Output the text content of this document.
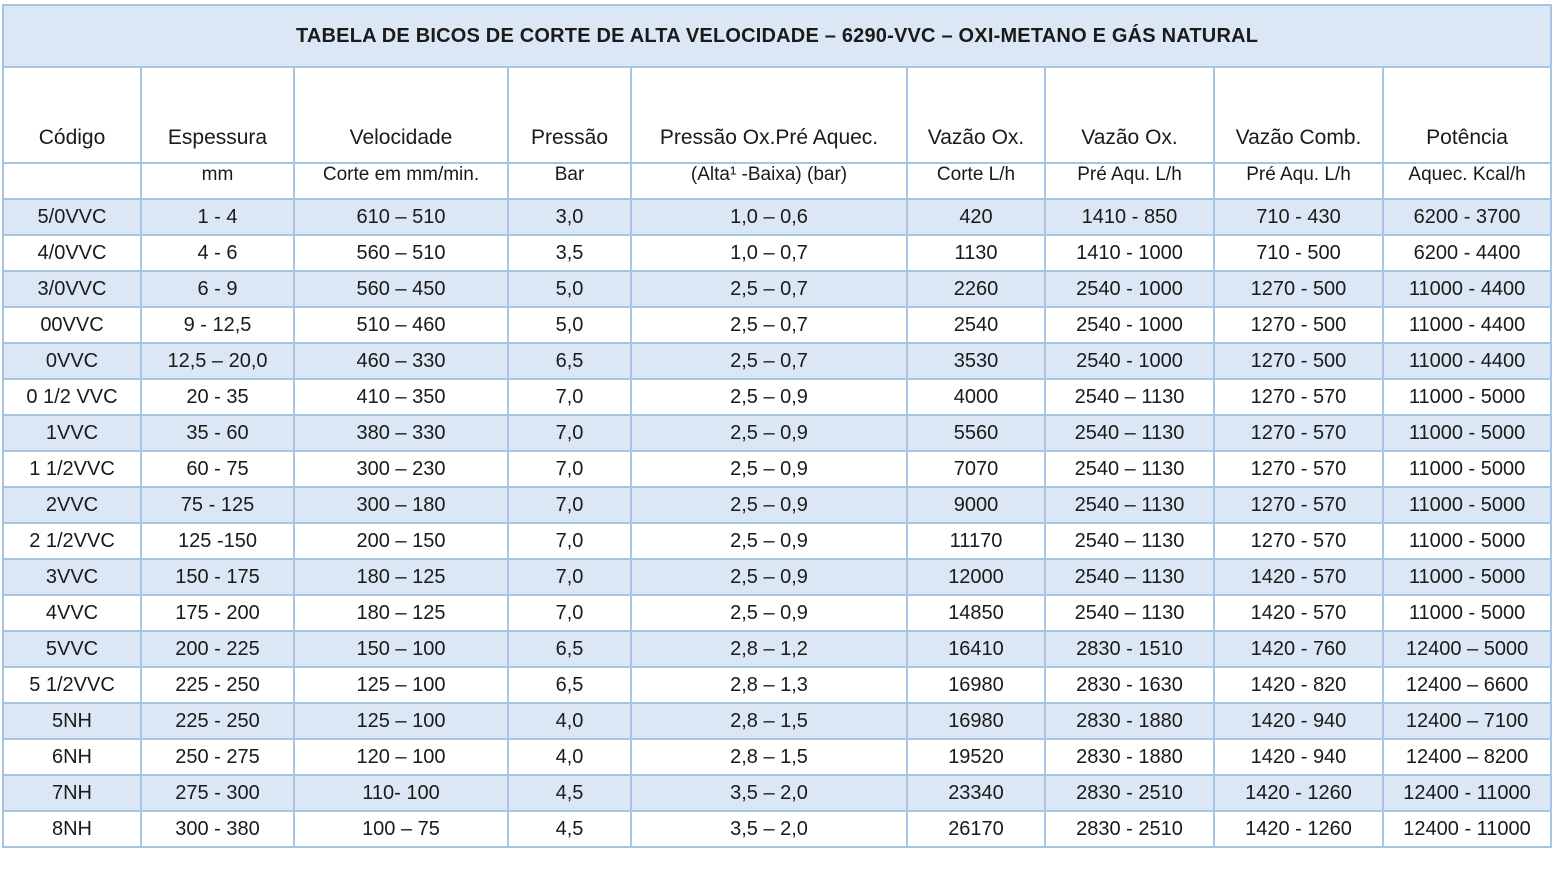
TABELA DE BICOS DE CORTE DE ALTA VELOCIDADE – 6290-VVC – OXI-METANO E GÁS NATURAL								
Código	Espessura	Velocidade	Pressão	Pressão Ox.Pré Aquec.	Vazão Ox.	Vazão Ox.	Vazão Comb.	Potência
	mm	Corte em mm/min.	Bar	(Alta¹ -Baixa) (bar)	Corte L/h	Pré Aqu. L/h	Pré Aqu. L/h	Aquec. Kcal/h
5/0VVC	1 - 4	610 – 510	3,0	1,0 – 0,6	420	1410 - 850	710 - 430	6200 - 3700
4/0VVC	4 - 6	560 – 510	3,5	1,0 – 0,7	1130	1410 - 1000	710 - 500	6200 - 4400
3/0VVC	6 - 9	560 – 450	5,0	2,5 – 0,7	2260	2540 - 1000	1270 - 500	11000 - 4400
00VVC	9 - 12,5	510 – 460	5,0	2,5 – 0,7	2540	2540 - 1000	1270 - 500	11000 - 4400
0VVC	12,5 – 20,0	460 – 330	6,5	2,5 – 0,7	3530	2540 - 1000	1270 - 500	11000 - 4400
0 1/2 VVC	20 - 35	410 – 350	7,0	2,5 – 0,9	4000	2540 – 1130	1270 - 570	11000 - 5000
1VVC	35 - 60	380 – 330	7,0	2,5 – 0,9	5560	2540 – 1130	1270 - 570	11000 - 5000
1 1/2VVC	60 - 75	300 – 230	7,0	2,5 – 0,9	7070	2540 – 1130	1270 - 570	11000 - 5000
2VVC	75 - 125	300 – 180	7,0	2,5 – 0,9	9000	2540 – 1130	1270 - 570	11000 - 5000
2 1/2VVC	125 -150	200 – 150	7,0	2,5 – 0,9	11170	2540 – 1130	1270 - 570	11000 - 5000
3VVC	150 - 175	180 – 125	7,0	2,5 – 0,9	12000	2540 – 1130	1420 - 570	11000 - 5000
4VVC	175 - 200	180 – 125	7,0	2,5 – 0,9	14850	2540 – 1130	1420 - 570	11000 - 5000
5VVC	200 - 225	150 – 100	6,5	2,8 – 1,2	16410	2830 - 1510	1420 - 760	12400 – 5000
5 1/2VVC	225 - 250	125 – 100	6,5	2,8 – 1,3	16980	2830 - 1630	1420 - 820	12400 – 6600
5NH	225 - 250	125 – 100	4,0	2,8 – 1,5	16980	2830 - 1880	1420 - 940	12400 – 7100
6NH	250 - 275	120 – 100	4,0	2,8 – 1,5	19520	2830 - 1880	1420 - 940	12400 – 8200
7NH	275 - 300	110- 100	4,5	3,5 – 2,0	23340	2830 - 2510	1420 - 1260	12400 - 11000
8NH	300 - 380	100 – 75	4,5	3,5 – 2,0	26170	2830 - 2510	1420 - 1260	12400 - 11000
